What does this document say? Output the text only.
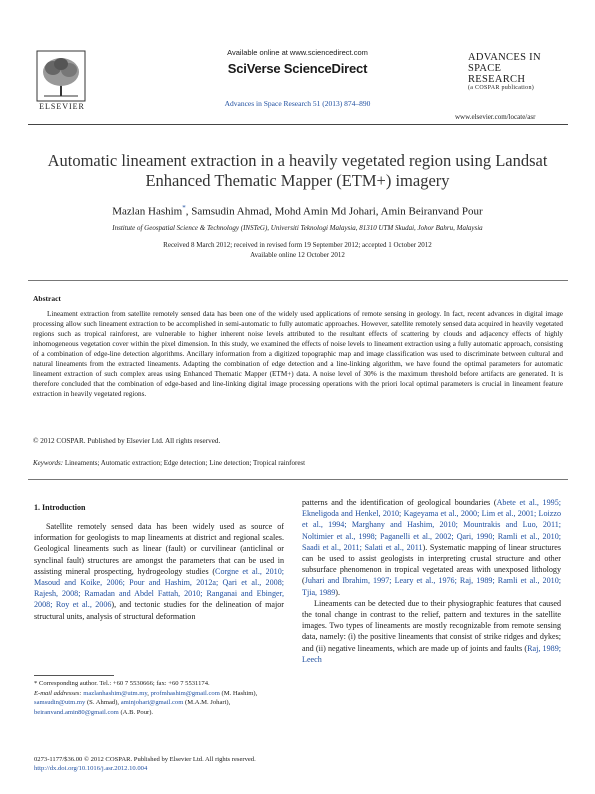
ELSEVIER
Available online at www.sciencedirect.com
SciVerse ScienceDirect
Advances in Space Research 51 (2013) 874–890
ADVANCES IN
SPACE
RESEARCH
(a COSPAR publication)
www.elsevier.com/locate/asr
Automatic lineament extraction in a heavily vegetated region using Landsat Enhanced Thematic Mapper (ETM+) imagery
Mazlan Hashim*, Samsudin Ahmad, Mohd Amin Md Johari, Amin Beiranvand Pour
Institute of Geospatial Science & Technology (INSTeG), Universiti Teknologi Malaysia, 81310 UTM Skudai, Johor Bahru, Malaysia
Received 8 March 2012; received in revised form 19 September 2012; accepted 1 October 2012
Available online 12 October 2012
Abstract
Lineament extraction from satellite remotely sensed data has been one of the widely used applications of remote sensing in geology. In fact, recent advances in digital image processing allow such lineament extraction to be accomplished in semi-automatic to fully automatic approaches. However, satellite remotely sensed data acquired in heavily vegetated regions such as tropical rainforest, are vulnerable to higher inherent noise levels attributed to the resultant effects of scattering by clouds and adjacency effects of highly inhomogeneous vegetation cover within the pixel dimension. In this study, we examined the effects of noise levels to lineament extraction using a fully automatic approach, consisting of a combination of edge-line detection algorithms. Ancillary information from a digitized topographic map and image classification was used to discriminate between cultural and natural lineaments from the extracted lineaments. Adapting the combination of edge detection and a line-linking algorithm, we have found the optimal parameters for automatic lineament extraction of such complex areas using Enhanced Thematic Mapper (ETM+) data. A noise level of 30% is the maximum threshold before artifacts are generated. It is therefore concluded that the combination of edge-based and line-linking digital image processing operations with the priori local optimal parameters is crucial in lineament feature extraction in heavily vegetated regions.
© 2012 COSPAR. Published by Elsevier Ltd. All rights reserved.
Keywords: Lineaments; Automatic extraction; Edge detection; Line detection; Tropical rainforest
1. Introduction
Satellite remotely sensed data has been widely used as source of information for geologists to map lineaments at district and regional scales. Geological lineaments such as linear (fault) or curvilinear (anticlinal or synclinal fault) structures are amongst the parameters that can be used in assisting mineral prospecting, hydrogeology studies (Corgne et al., 2010; Masoud and Koike, 2006; Pour and Hashim, 2012a; Qari et al., 2008; Rajesh, 2008; Ramadan and Abdel Fattah, 2010; Ranganai and Ebinger, 2008; Roy et al., 2006), and tectonic studies for the delineation of major structural units, analysis of structural deformation
patterns and the identification of geological boundaries (Abete et al., 1995; Ekneligoda and Henkel, 2010; Kageyama et al., 2000; Lim et al., 2001; Loizzo et al., 1994; Marghany and Hashim, 2010; Mountrakis and Luo, 2011; Noltimier et al., 1998; Paganelli et al., 2002; Qari, 1990; Ramli et al., 2010; Saadi et al., 2011; Salati et al., 2011). Systematic mapping of linear structures can be used to assist geologists in interpreting crustal structure and other subsurface phenomenon in tropical vegetated areas with unexposed lithology (Juhari and Ibrahim, 1997; Leary et al., 1976; Raj, 1989; Ramli et al., 2010; Tjia, 1989).
Lineaments can be detected due to their physiographic features that caused the tonal change in contrast to the relief, pattern and textures in the satellite images. Two types of lineaments are mostly recognizable from remote sensing data, namely: (i) the positive lineaments that consist of strike ridges and dykes; and (ii) negative lineaments, which are made up of joints and faults (Raj, 1989; Leech
* Corresponding author. Tel.: +60 7 5530666; fax: +60 7 5531174.
E-mail addresses: mazlanhashim@utm.my, profmhashim@gmail.com (M. Hashim), samsudin@utm.my (S. Ahmad), aminjohari@gmail.com (M.A.M. Johari), beiranvand.amin80@gmail.com (A.B. Pour).
0273-1177/$36.00 © 2012 COSPAR. Published by Elsevier Ltd. All rights reserved.
http://dx.doi.org/10.1016/j.asr.2012.10.004
